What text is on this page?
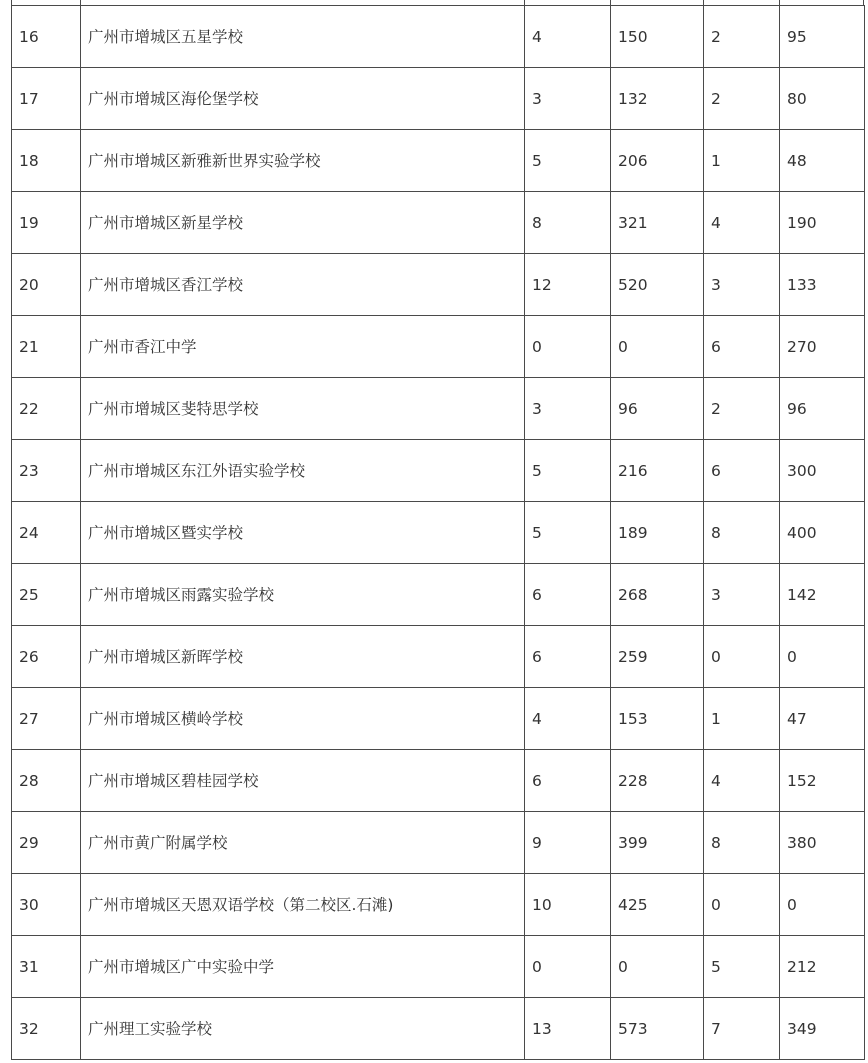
16	广州市增城区五星学校	4	150	2	95
17	广州市增城区海伦堡学校	3	132	2	80
18	广州市增城区新雅新世界实验学校	5	206	1	48
19	广州市增城区新星学校	8	321	4	190
20	广州市增城区香江学校	12	520	3	133
21	广州市香江中学	0	0	6	270
22	广州市增城区斐特思学校	3	96	2	96
23	广州市增城区东江外语实验学校	5	216	6	300
24	广州市增城区暨实学校	5	189	8	400
25	广州市增城区雨露实验学校	6	268	3	142
26	广州市增城区新晖学校	6	259	0	0
27	广州市增城区横岭学校	4	153	1	47
28	广州市增城区碧桂园学校	6	228	4	152
29	广州市黄广附属学校	9	399	8	380
30	广州市增城区天恩双语学校（第二校区.石滩)	10	425	0	0
31	广州市增城区广中实验中学	0	0	5	212
32	广州理工实验学校	13	573	7	349
